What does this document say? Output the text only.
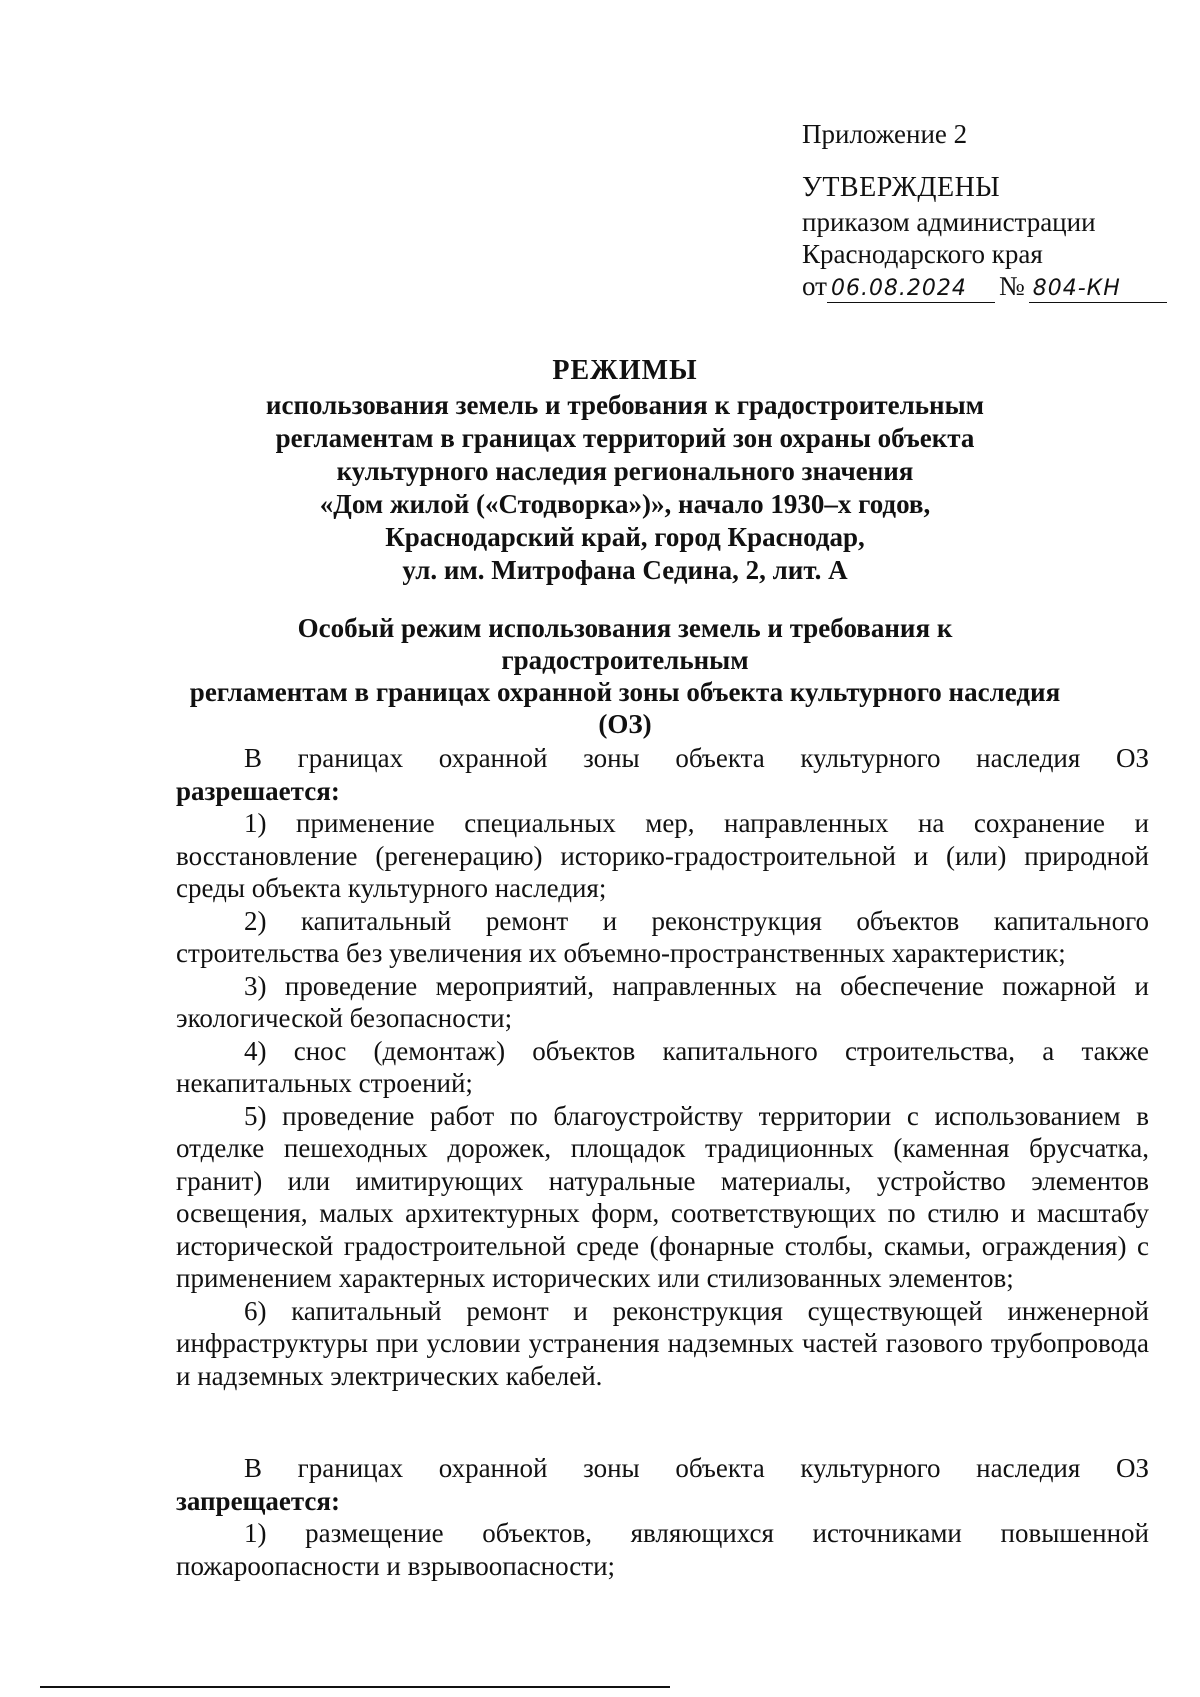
Приложение 2
УТВЕРЖДЕНЫ
приказом администрации
Краснодарского края
от 06.08.2024 № 804-КН
РЕЖИМЫ
использования земель и требования к градостроительным
регламентам в границах территорий зон охраны объекта
культурного наследия регионального значения
«Дом жилой («Стодворка»)», начало 1930–х годов,
Краснодарский край, город Краснодар,
ул. им. Митрофана Седина, 2, лит. А
Особый режим использования земель и требования к градостроительным
регламентам в границах охранной зоны объекта культурного наследия
(ОЗ)

В границах охранной зоны объекта культурного наследия ОЗ

разрешается:

1) применение специальных мер, направленных на сохранение и восстановление (регенерацию) историко-градостроительной и (или) природной среды объекта культурного наследия;

2) капитальный ремонт и реконструкция объектов капитального строительства без увеличения их объемно-пространственных характеристик;

3) проведение мероприятий, направленных на обеспечение пожарной и экологической безопасности;

4) снос (демонтаж) объектов капитального строительства, а также некапитальных строений;

5) проведение работ по благоустройству территории с использованием в отделке пешеходных дорожек, площадок традиционных (каменная брусчатка, гранит) или имитирующих натуральные материалы, устройство элементов освещения, малых архитектурных форм, соответствующих по стилю и масштабу исторической градостроительной среде (фонарные столбы, скамьи, ограждения) с применением характерных исторических или стилизованных элементов;

6) капитальный ремонт и реконструкция существующей инженерной инфраструктуры при условии устранения надземных частей газового трубопровода и надземных электрических кабелей.

В границах охранной зоны объекта культурного наследия ОЗ

запрещается:

1) размещение объектов, являющихся источниками повышенной пожароопасности и взрывоопасности;
